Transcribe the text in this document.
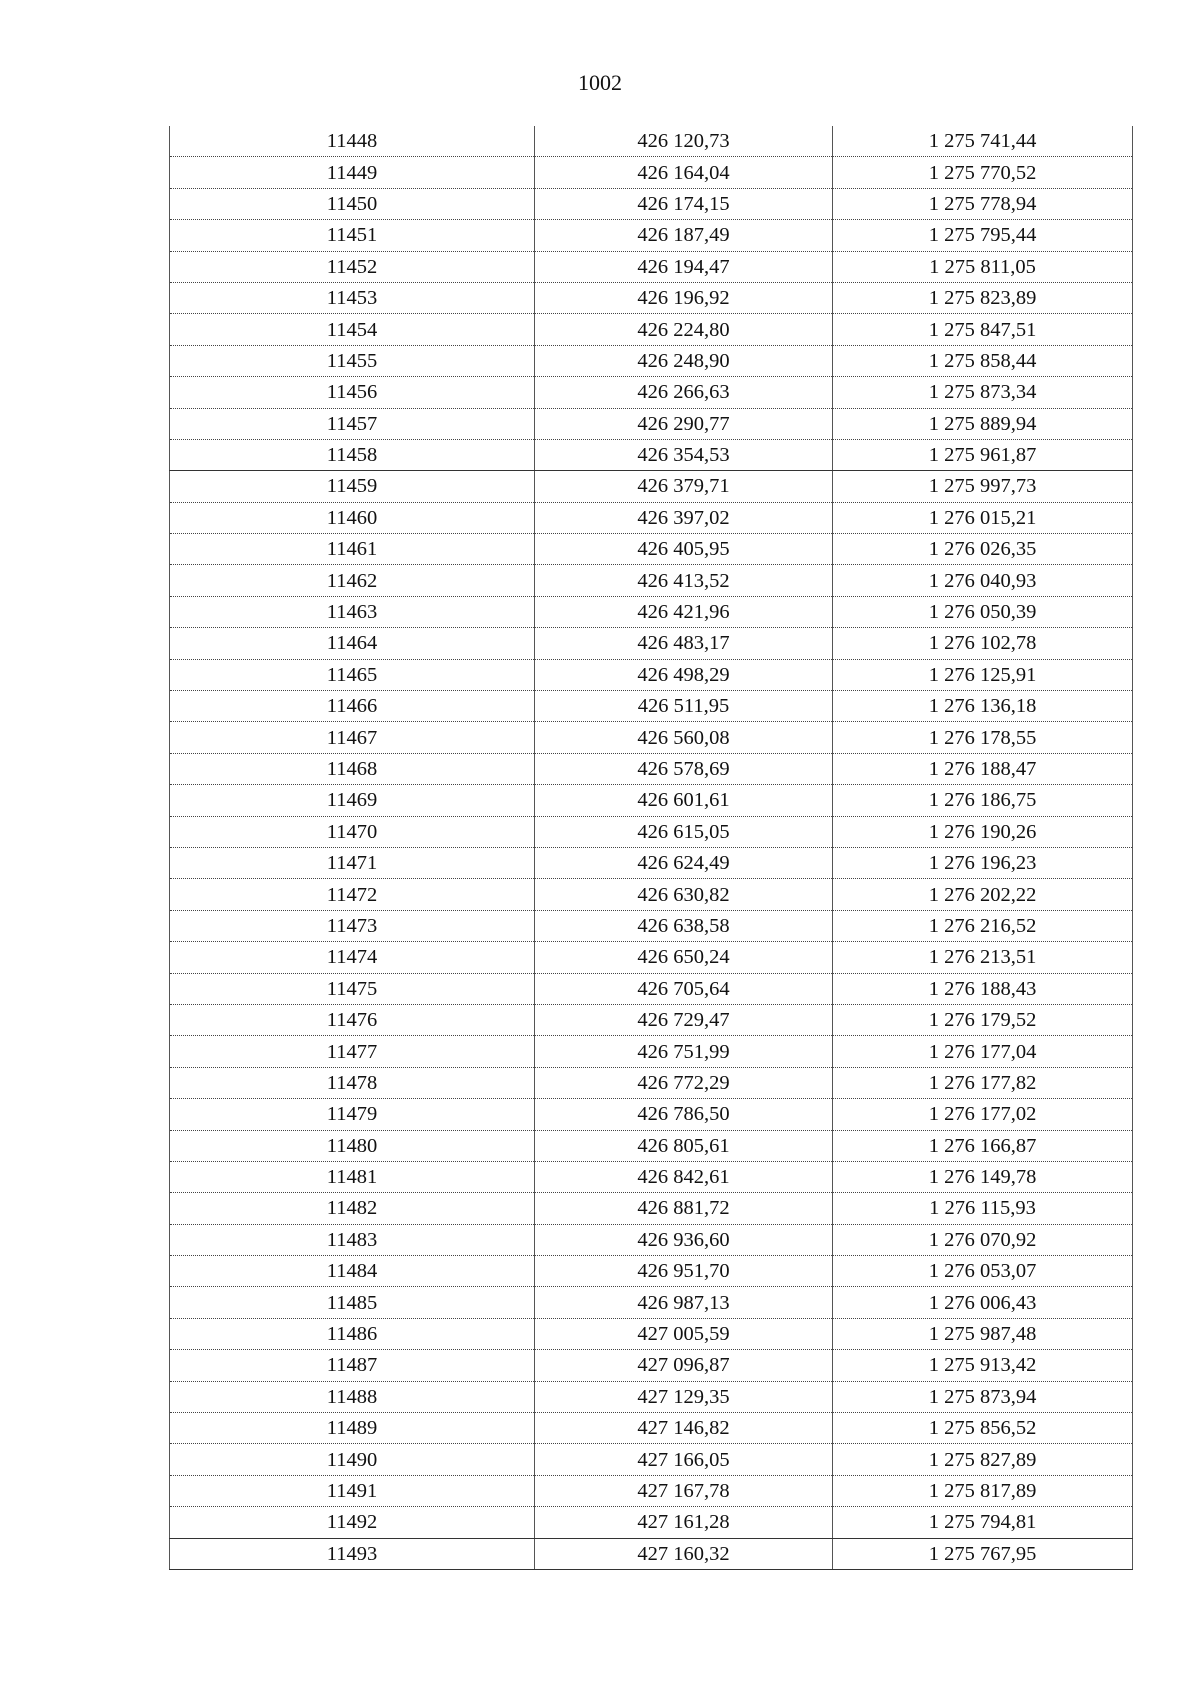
1002
11448	426 120,73	1 275 741,44
11449	426 164,04	1 275 770,52
11450	426 174,15	1 275 778,94
11451	426 187,49	1 275 795,44
11452	426 194,47	1 275 811,05
11453	426 196,92	1 275 823,89
11454	426 224,80	1 275 847,51
11455	426 248,90	1 275 858,44
11456	426 266,63	1 275 873,34
11457	426 290,77	1 275 889,94
11458	426 354,53	1 275 961,87
11459	426 379,71	1 275 997,73
11460	426 397,02	1 276 015,21
11461	426 405,95	1 276 026,35
11462	426 413,52	1 276 040,93
11463	426 421,96	1 276 050,39
11464	426 483,17	1 276 102,78
11465	426 498,29	1 276 125,91
11466	426 511,95	1 276 136,18
11467	426 560,08	1 276 178,55
11468	426 578,69	1 276 188,47
11469	426 601,61	1 276 186,75
11470	426 615,05	1 276 190,26
11471	426 624,49	1 276 196,23
11472	426 630,82	1 276 202,22
11473	426 638,58	1 276 216,52
11474	426 650,24	1 276 213,51
11475	426 705,64	1 276 188,43
11476	426 729,47	1 276 179,52
11477	426 751,99	1 276 177,04
11478	426 772,29	1 276 177,82
11479	426 786,50	1 276 177,02
11480	426 805,61	1 276 166,87
11481	426 842,61	1 276 149,78
11482	426 881,72	1 276 115,93
11483	426 936,60	1 276 070,92
11484	426 951,70	1 276 053,07
11485	426 987,13	1 276 006,43
11486	427 005,59	1 275 987,48
11487	427 096,87	1 275 913,42
11488	427 129,35	1 275 873,94
11489	427 146,82	1 275 856,52
11490	427 166,05	1 275 827,89
11491	427 167,78	1 275 817,89
11492	427 161,28	1 275 794,81
11493	427 160,32	1 275 767,95
